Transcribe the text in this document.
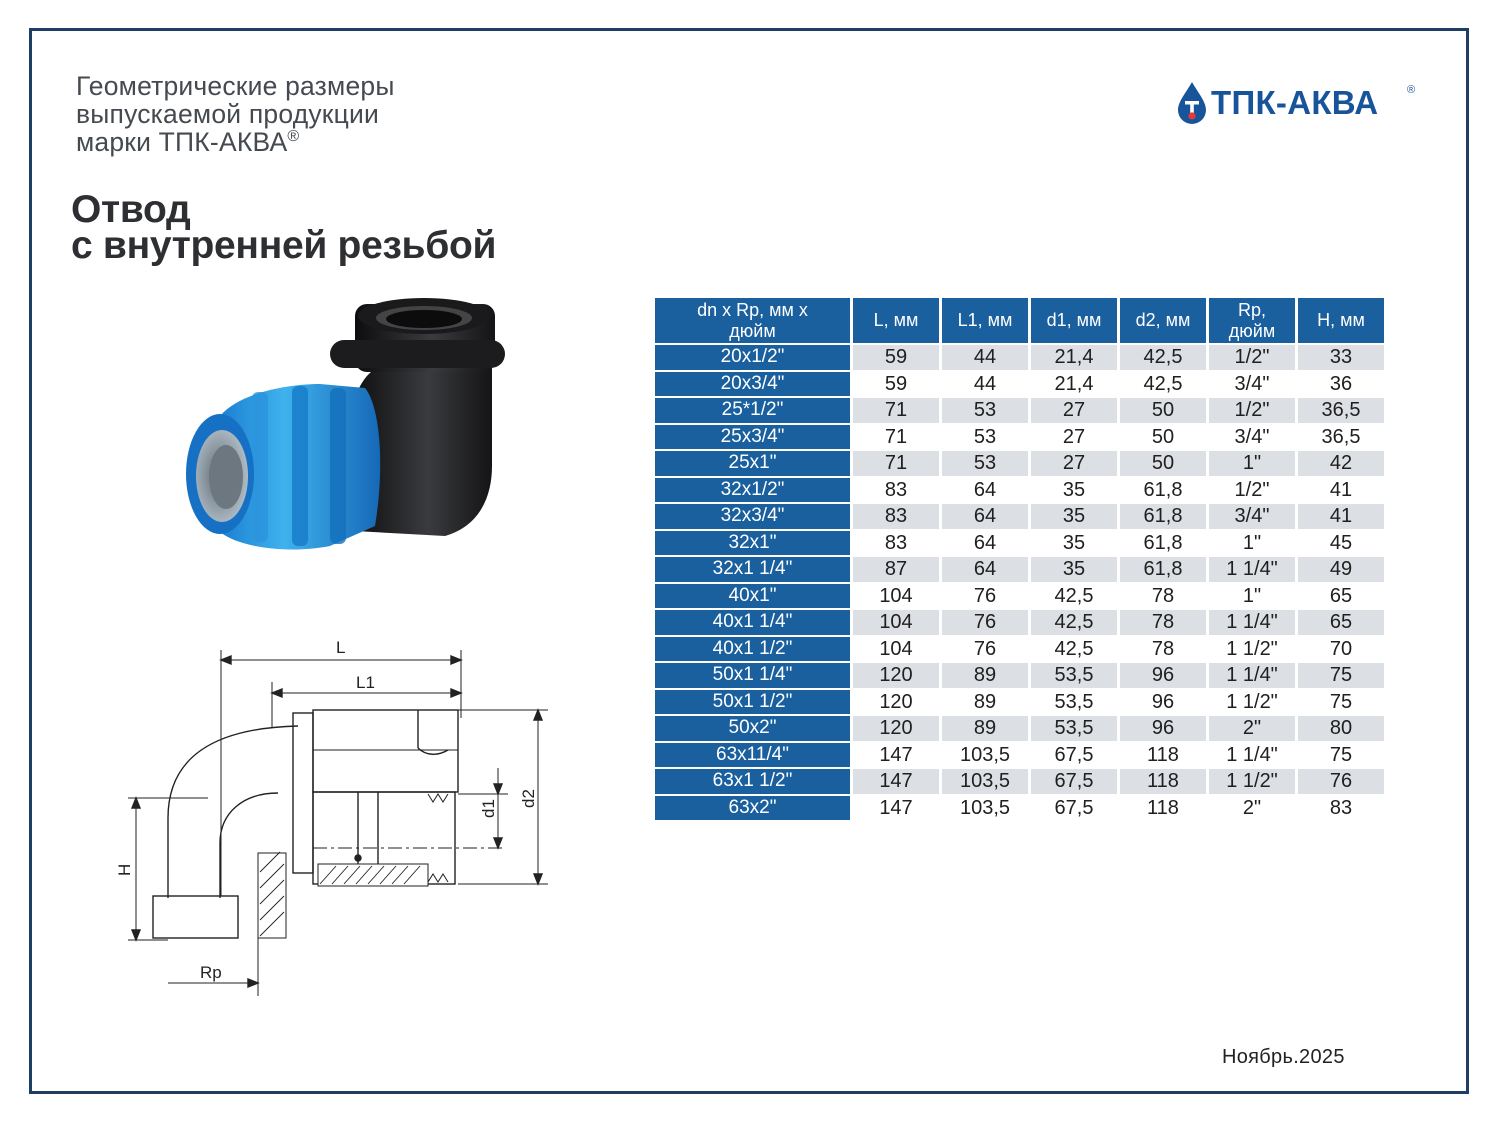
Геометрические размеры
выпускаемой продукции
марки ТПК-АКВА®
Отвод
с внутренней резьбой
ТПК-АКВА	®
L
L1
d1
d2
H
Rp
dn x Rp, мм х дюйм	L, мм	L1, мм	d1, мм	d2, мм	Rp, дюйм	H, мм
20x1/2"	59	44	21,4	42,5	1/2"	33
20x3/4"	59	44	21,4	42,5	3/4"	36
25*1/2"	71	53	27	50	1/2"	36,5
25x3/4"	71	53	27	50	3/4"	36,5
25x1"	71	53	27	50	1"	42
32x1/2"	83	64	35	61,8	1/2"	41
32x3/4"	83	64	35	61,8	3/4"	41
32x1"	83	64	35	61,8	1"	45
32x1 1/4"	87	64	35	61,8	1 1/4"	49
40x1"	104	76	42,5	78	1"	65
40x1 1/4"	104	76	42,5	78	1 1/4"	65
40x1 1/2"	104	76	42,5	78	1 1/2"	70
50x1 1/4"	120	89	53,5	96	1 1/4"	75
50x1 1/2"	120	89	53,5	96	1 1/2"	75
50x2"	120	89	53,5	96	2"	80
63x11/4"	147	103,5	67,5	118	1 1/4"	75
63x1 1/2"	147	103,5	67,5	118	1 1/2"	76
63x2"	147	103,5	67,5	118	2"	83
Ноябрь.2025
